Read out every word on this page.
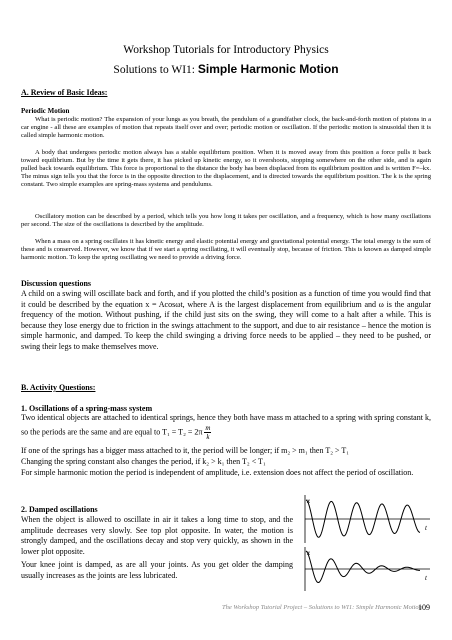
Workshop Tutorials for Introductory Physics
Solutions to WI1: Simple Harmonic Motion
A. Review of Basic Ideas:
Periodic Motion
What is periodic motion? The expansion of your lungs as you breath, the pendulum of a grandfather clock, the back-and-forth motion of pistons in a car engine - all these are examples of motion that repeats itself over and over; periodic motion or oscillation. If the periodic motion is sinusoidal then it is called simple harmonic motion.
A body that undergoes periodic motion always has a stable equilibrium position. When it is moved away from this position a force pulls it back toward equilibrium. But by the time it gets there, it has picked up kinetic energy, so it overshoots, stopping somewhere on the other side, and is again pulled back towards equilibrium. This force is proportional to the distance the body has been displaced from its equilibrium position and is written F=–kx. The minus sign tells you that the force is in the opposite direction to the displacement, and is directed towards the equilibrium position. The k is the spring constant. Two simple examples are spring-mass systems and pendulums.
Oscillatory motion can be described by a period, which tells you how long it takes per oscillation, and a frequency, which is how many oscillations per second. The size of the oscillations is described by the amplitude.
When a mass on a spring oscillates it has kinetic energy and elastic potential energy and gravitational potential energy. The total energy is the sum of these and is conserved. However, we know that if we start a spring oscillating, it will eventually stop, because of friction. This is known as damped simple harmonic motion. To keep the spring oscillating we need to provide a driving force.
Discussion questions
A child on a swing will oscillate back and forth, and if you plotted the child’s position as a function of time you would find that it could be described by the equation x = Acosωt, where A is the largest displacement from equilibrium and ω is the angular frequency of the motion. Without pushing, if the child just sits on the swing, they will come to a halt after a while. This is because they lose energy due to friction in the swings attachment to the support, and due to air resistance – hence the motion is simple harmonic, and damped. To keep the child swinging a driving force needs to be applied – they need to be pushed, or swing their legs to make themselves move.
B. Activity Questions:
1. Oscillations of a spring-mass system
Two identical objects are attached to identical springs, hence they both have mass m attached to a spring with spring constant k, so the periods are the same and are equal to $T_1 = T_2 = 2\pi \frac{m}{k}$
If one of the springs has a bigger mass attached to it, the period will be longer; if m₂ > m₁ then T₂ > T₁
Changing the spring constant also changes the period, if k₂ > k₁ then T₂ < T₁
For simple harmonic motion the period is independent of amplitude, i.e. extension does not affect the period of oscillation.
2. Damped oscillations
When the object is allowed to oscillate in air it takes a long time to stop, and the amplitude decreases very slowly. See top plot opposite. In water, the motion is strongly damped, and the oscillations decay and stop very quickly, as shown in the lower plot opposite.
Your knee joint is damped, as are all your joints. As you get older the damping usually increases as the joints are less lubricated.
x
t
x
t
The Workshop Tutorial Project – Solutions to WI1: Simple Harmonic Motion
109
